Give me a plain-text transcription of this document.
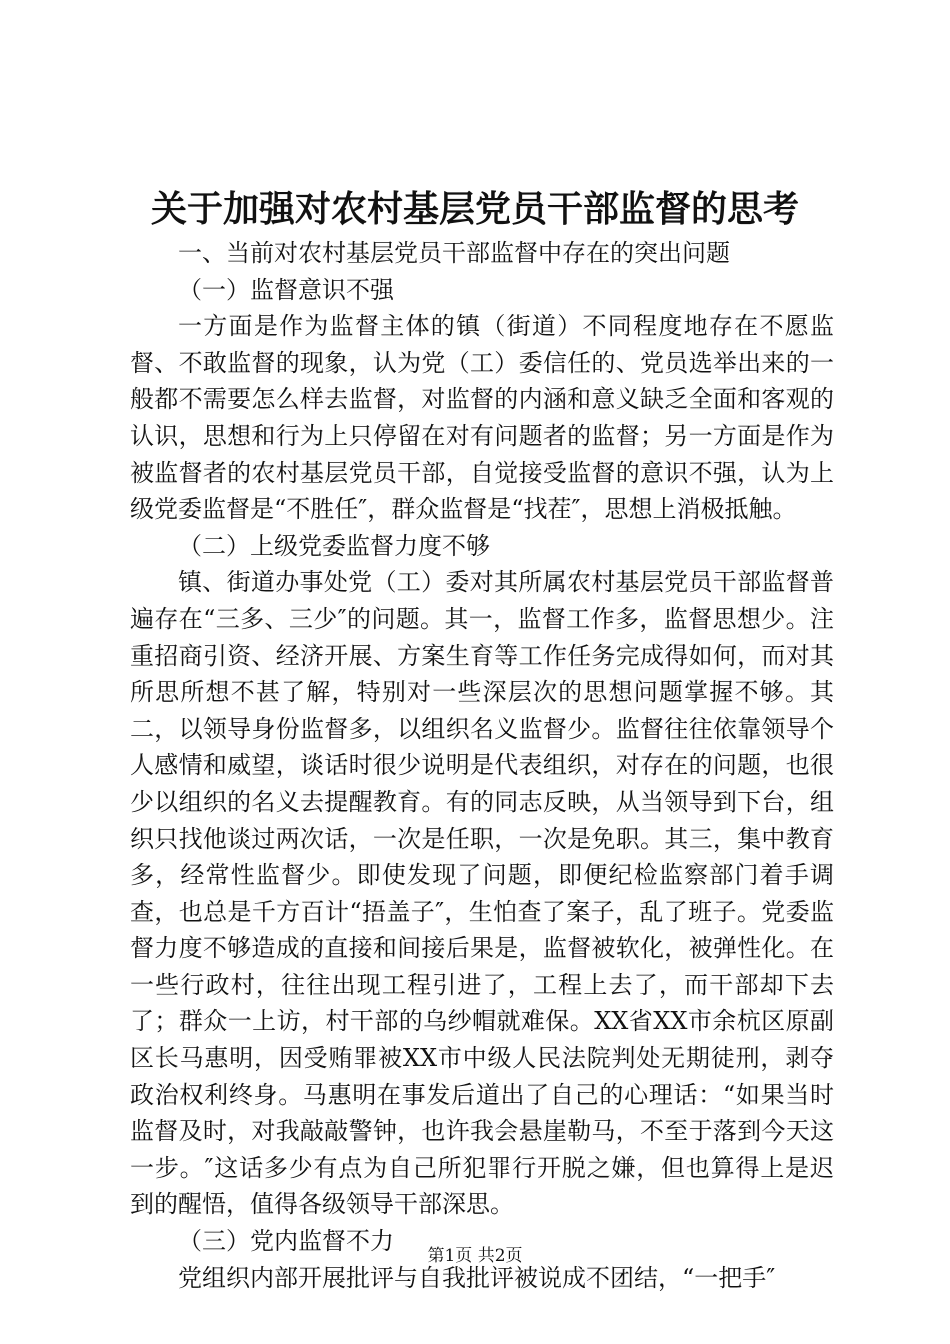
关于加强对农村基层党员干部监督的思考

一、当前对农村基层党员干部监督中存在的突出问题

（一）监督意识不强

一方面是作为监督主体的镇（街道）不同程度地存在不愿监督、不敢监督的现象，认为党（工）委信任的、党员选举出来的一般都不需要怎么样去监督，对监督的内涵和意义缺乏全面和客观的认识，思想和行为上只停留在对有问题者的监督；另一方面是作为被监督者的农村基层党员干部，自觉接受监督的意识不强，认为上级党委监督是“不胜任″，群众监督是“找茬″，思想上消极抵触。

（二）上级党委监督力度不够

镇、街道办事处党（工）委对其所属农村基层党员干部监督普遍存在“三多、三少″的问题。其一，监督工作多，监督思想少。注重招商引资、经济开展、方案生育等工作任务完成得如何，而对其所思所想不甚了解，特别对一些深层次的思想问题掌握不够。其二，以领导身份监督多，以组织名义监督少。监督往往依靠领导个人感情和威望，谈话时很少说明是代表组织，对存在的问题，也很少以组织的名义去提醒教育。有的同志反映，从当领导到下台，组织只找他谈过两次话，一次是任职，一次是免职。其三，集中教育多，经常性监督少。即使发现了问题，即便纪检监察部门着手调查，也总是千方百计“捂盖子″，生怕查了案子，乱了班子。党委监督力度不够造成的直接和间接后果是，监督被软化，被弹性化。在一些行政村，往往出现工程引进了，工程上去了，而干部却下去了；群众一上访，村干部的乌纱帽就难保。XX省XX市余杭区原副区长马惠明，因受贿罪被XX市中级人民法院判处无期徒刑，剥夺政治权利终身。马惠明在事发后道出了自己的心理话：“如果当时监督及时，对我敲敲警钟，也许我会悬崖勒马，不至于落到今天这一步。″这话多少有点为自己所犯罪行开脱之嫌，但也算得上是迟到的醒悟，值得各级领导干部深思。

（三）党内监督不力

党组织内部开展批评与自我批评被说成不团结，“一把手″

第1页 共2页
